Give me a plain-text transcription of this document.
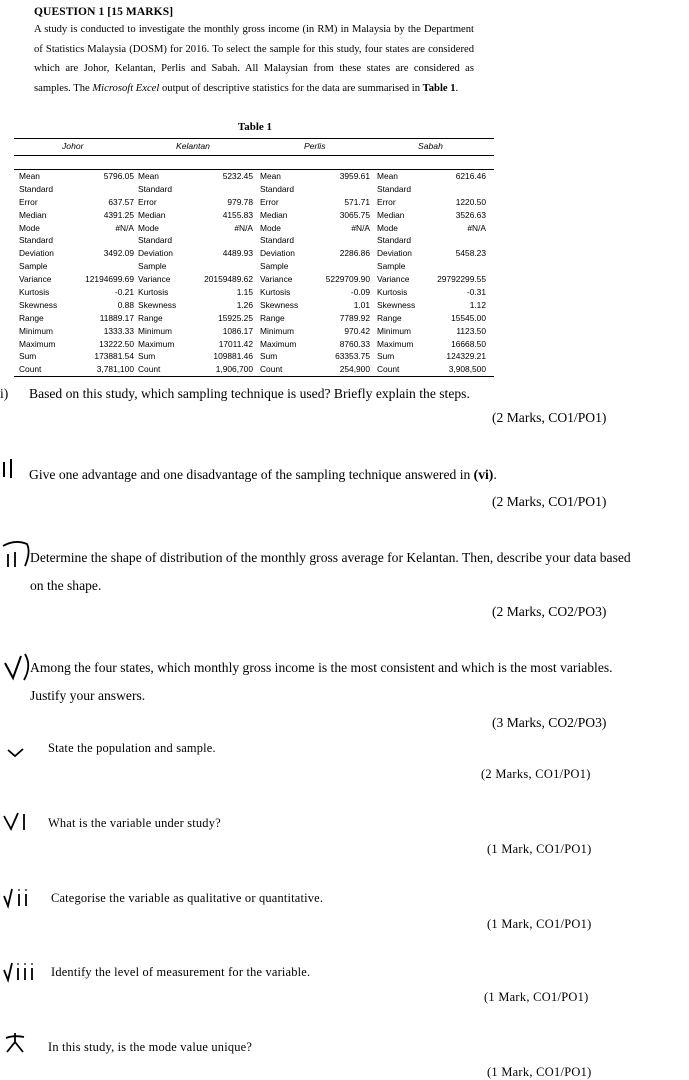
QUESTION 1 [15 MARKS]
A study is conducted to investigate the monthly gross income (in RM) in Malaysia by the Department of Statistics Malaysia (DOSM) for 2016. To select the sample for this study, four states are considered which are Johor, Kelantan, Perlis and Sabah. All Malaysian from these states are considered as samples. The Microsoft Excel output of descriptive statistics for the data are summarised in Table 1.
Table 1
Johor	Kelantan	Perlis	Sabah
Mean	5796.05 Mean	5232.45 Mean	3959.61 Mean	6216.46
Standard	Standard	Standard	Standard
Error	637.57 Error	979.78 Error	571.71 Error	1220.50
Median	4391.25 Median	4155.83 Median	3065.75 Median	3526.63
Mode	#N/A Mode	#N/A Mode	#N/A Mode	#N/A
Standard	Standard	Standard	Standard
Deviation	3492.09 Deviation	4489.93 Deviation	2286.86 Deviation	5458.23
Sample	Sample	Sample	Sample
Variance	12194699.69 Variance	20159489.62 Variance	5229709.90 Variance	29792299.55
Kurtosis	-0.21 Kurtosis	1.15 Kurtosis	-0.09 Kurtosis	-0.31
Skewness	0.88 Skewness	1.26 Skewness	1.01 Skewness	1.12
Range	11889.17 Range	15925.25 Range	7789.92 Range	15545.00
Minimum	1333.33 Minimum	1086.17 Minimum	970.42 Minimum	1123.50
Maximum	13222.50 Maximum	17011.42 Maximum	8760.33 Maximum	16668.50
Sum	173881.54 Sum	109881.46 Sum	63353.75 Sum	124329.21
Count	3,781,100 Count	1,906,700 Count	254,900 Count	3,908,500
i) Based on this study, which sampling technique is used? Briefly explain the steps.
(2 Marks, CO1/PO1)
Give one advantage and one disadvantage of the sampling technique answered in (vi).
(2 Marks, CO1/PO1)
Determine the shape of distribution of the monthly gross average for Kelantan. Then, describe your data based on the shape.
(2 Marks, CO2/PO3)
Among the four states, which monthly gross income is the most consistent and which is the most variables. Justify your answers.
(3 Marks, CO2/PO3)
State the population and sample.
(2 Marks, CO1/PO1)
What is the variable under study?
(1 Mark, CO1/PO1)
Categorise the variable as qualitative or quantitative.
(1 Mark, CO1/PO1)
Identify the level of measurement for the variable.
(1 Mark, CO1/PO1)
In this study, is the mode value unique?
(1 Mark, CO1/PO1)
